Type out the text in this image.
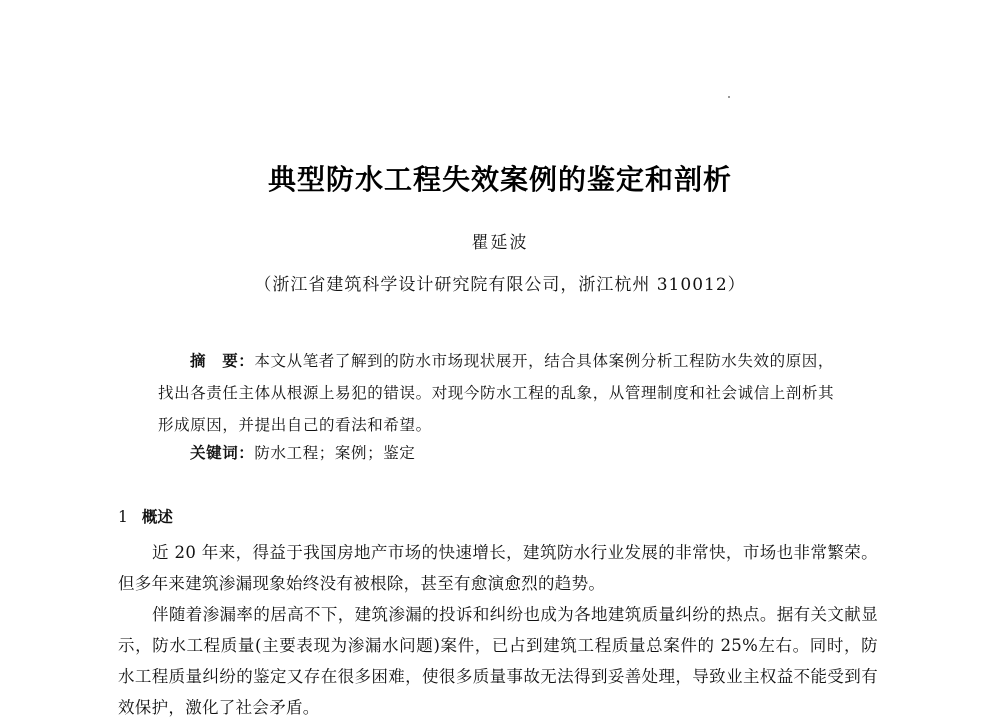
典型防水工程失效案例的鉴定和剖析
瞿延波
（浙江省建筑科学设计研究院有限公司，浙江杭州 310012）

摘　要：本文从笔者了解到的防水市场现状展开，结合具体案例分析工程防水失效的原因，找出各责任主体从根源上易犯的错误。对现今防水工程的乱象，从管理制度和社会诚信上剖析其形成原因，并提出自己的看法和希望。

关键词：防水工程；案例；鉴定
1 概述

近 20 年来，得益于我国房地产市场的快速增长，建筑防水行业发展的非常快，市场也非常繁荣。但多年来建筑渗漏现象始终没有被根除，甚至有愈演愈烈的趋势。

伴随着渗漏率的居高不下，建筑渗漏的投诉和纠纷也成为各地建筑质量纠纷的热点。据有关文献显示，防水工程质量(主要表现为渗漏水问题)案件，已占到建筑工程质量总案件的 25%左右。同时，防水工程质量纠纷的鉴定又存在很多困难，使很多质量事故无法得到妥善处理，导致业主权益不能受到有效保护，激化了社会矛盾。
